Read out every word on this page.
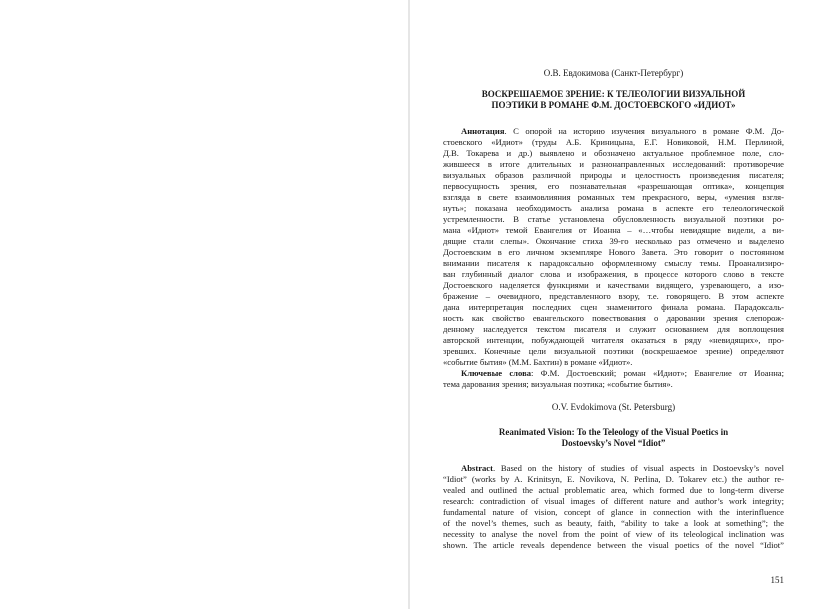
О.В. Евдокимова (Санкт-Петербург)
ВОСКРЕШАЕМОЕ ЗРЕНИЕ: К ТЕЛЕОЛОГИИ ВИЗУАЛЬНОЙ
ПОЭТИКИ В РОМАНЕ Ф.М. ДОСТОЕВСКОГО «ИДИОТ»
Аннотация. С опорой на историю изучения визуального в романе Ф.М. До-
стоевского «Идиот» (труды А.Б. Криницына, Е.Г. Новиковой, Н.М. Перлиной,
Д.В. Токарева и др.) выявлено и обозначено актуальное проблемное поле, сло-
жившееся в итоге длительных и разнонаправленных исследований: противоречие
визуальных образов различной природы и целостность произведения писателя;
первосущность зрения, его познавательная «разрешающая оптика», концепция
взгляда в свете взаимовлияния романных тем прекрасного, веры, «умения взгля-
нуть»; показана необходимость анализа романа в аспекте его телеологической
устремленности. В статье установлена обусловленность визуальной поэтики ро-
мана «Идиот» темой Евангелия от Иоанна – «…чтобы невидящие видели, а ви-
дящие стали слепы». Окончание стиха 39-го несколько раз отмечено и выделено
Достоевским в его личном экземпляре Нового Завета. Это говорит о постоянном
внимании писателя к парадоксально оформленному смыслу темы. Проанализиро-
ван глубинный диалог слова и изображения, в процессе которого слово в тексте
Достоевского наделяется функциями и качествами видящего, узревающего, а изо-
бражение – очевидного, представленного взору, т.е. говорящего. В этом аспекте
дана интерпретация последних сцен знаменитого финала романа. Парадоксаль-
ность как свойство евангельского повествования о даровании зрения слепорож-
денному наследуется текстом писателя и служит основанием для воплощения
авторской интенции, побуждающей читателя оказаться в ряду «невидящих», про-
зревших. Конечные цели визуальной поэтики (воскрешаемое зрение) определяют
«событие бытия» (М.М. Бахтин) в романе «Идиот».
Ключевые слова: Ф.М. Достоевский; роман «Идиот»; Евангелие от Иоанна;
тема дарования зрения; визуальная поэтика; «событие бытия».
O.V. Evdokimova (St. Petersburg)
Reanimated Vision: To the Teleology of the Visual Poetics in
Dostoevsky’s Novel “Idiot”
Abstract. Based on the history of studies of visual aspects in Dostoevsky’s novel
“Idiot” (works by A. Krinitsyn, E. Novikova, N. Perlina, D. Tokarev etc.) the author re-
vealed and outlined the actual problematic area, which formed due to long-term diverse
research: contradiction of visual images of different nature and author’s work integrity;
fundamental nature of vision, concept of glance in connection with the interinfluence
of the novel’s themes, such as beauty, faith, “ability to take a look at something”; the
necessity to analyse the novel from the point of view of its teleological inclination was
shown. The article reveals dependence between the visual poetics of the novel “Idiot”
151
